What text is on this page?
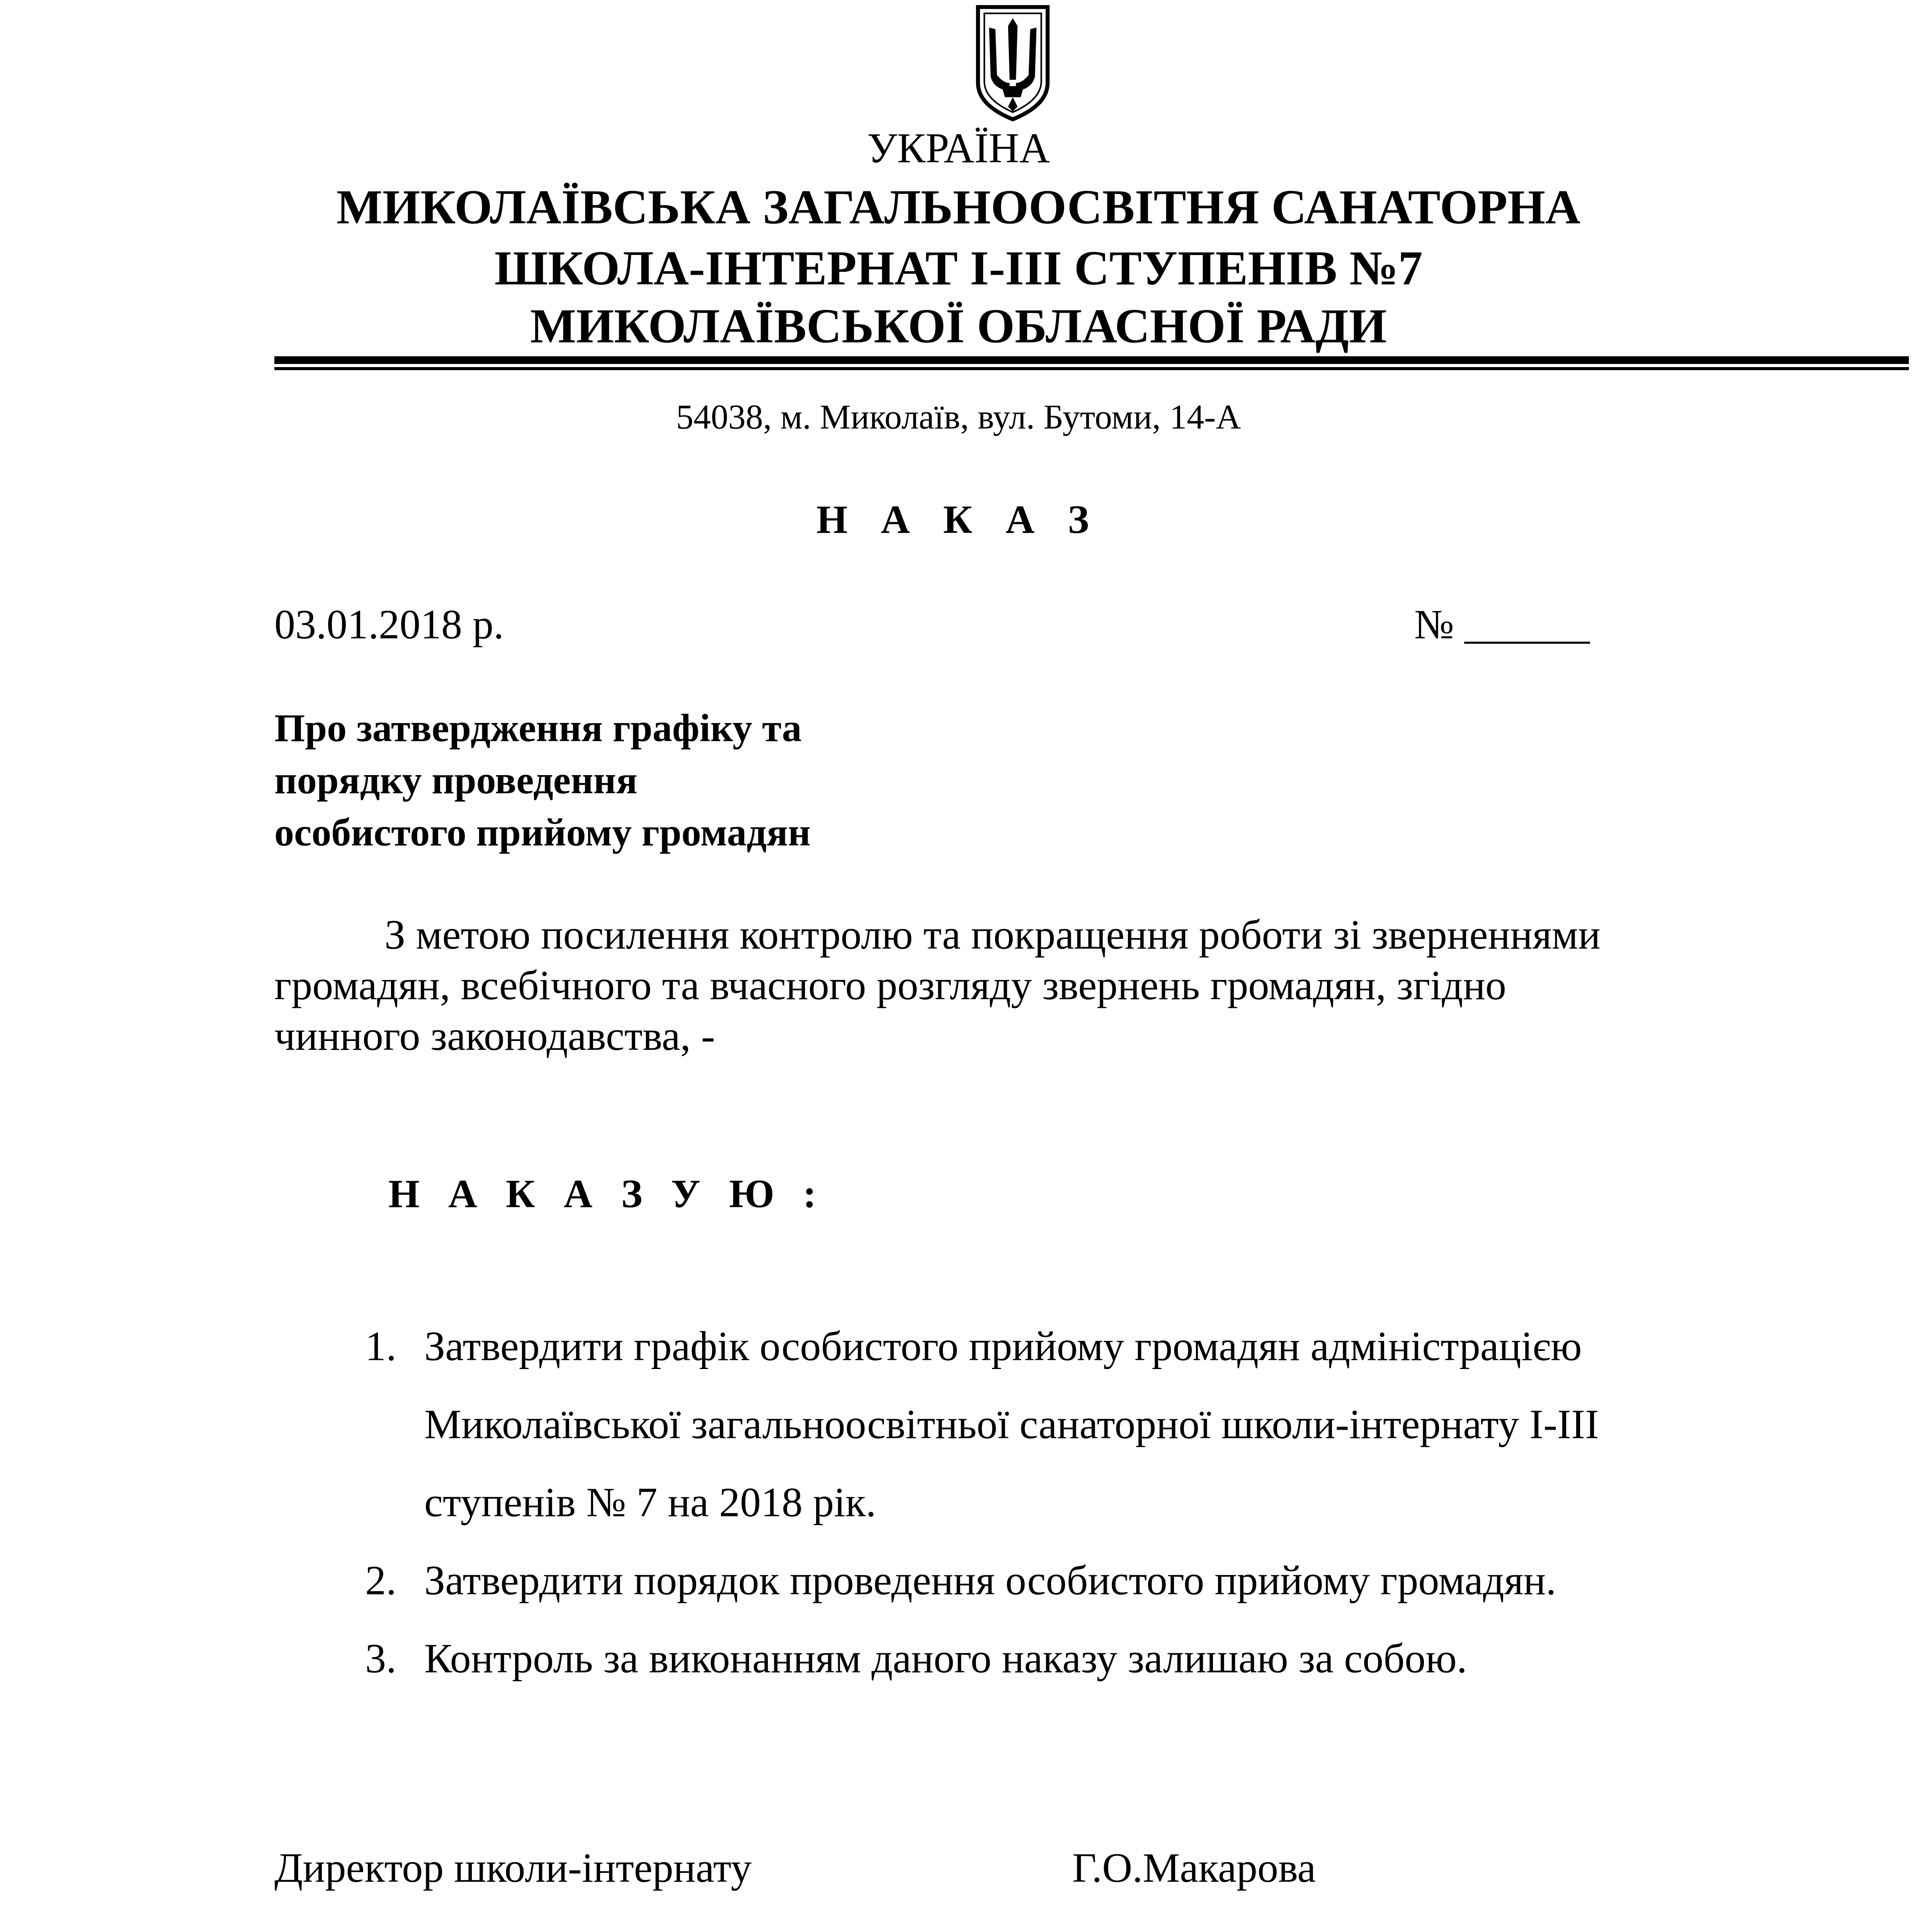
УКРАЇНА
МИКОЛАЇВСЬКА ЗАГАЛЬНООСВІТНЯ САНАТОРНА
ШКОЛА-ІНТЕРНАТ І-ІІІ СТУПЕНІВ №7
МИКОЛАЇВСЬКОЇ ОБЛАСНОЇ РАДИ
54038, м. Миколаїв, вул. Бутоми, 14-А
Н А К А З
03.01.2018 р.	№ ______
Про затвердження графіку та
порядку проведення
особистого прийому громадян
З метою посилення контролю та покращення роботи зі зверненнями
громадян, всебічного та вчасного розгляду звернень громадян, згідно
чинного законодавства, -
Н А К А З У Ю :
1. Затвердити графік особистого прийому громадян адміністрацією
Миколаївської загальноосвітньої санаторної школи-інтернату І-ІІІ
ступенів № 7 на 2018 рік.
2. Затвердити порядок проведення особистого прийому громадян.
3. Контроль за виконанням даного наказу залишаю за собою.
Директор школи-інтернату	Г.О.Макарова
